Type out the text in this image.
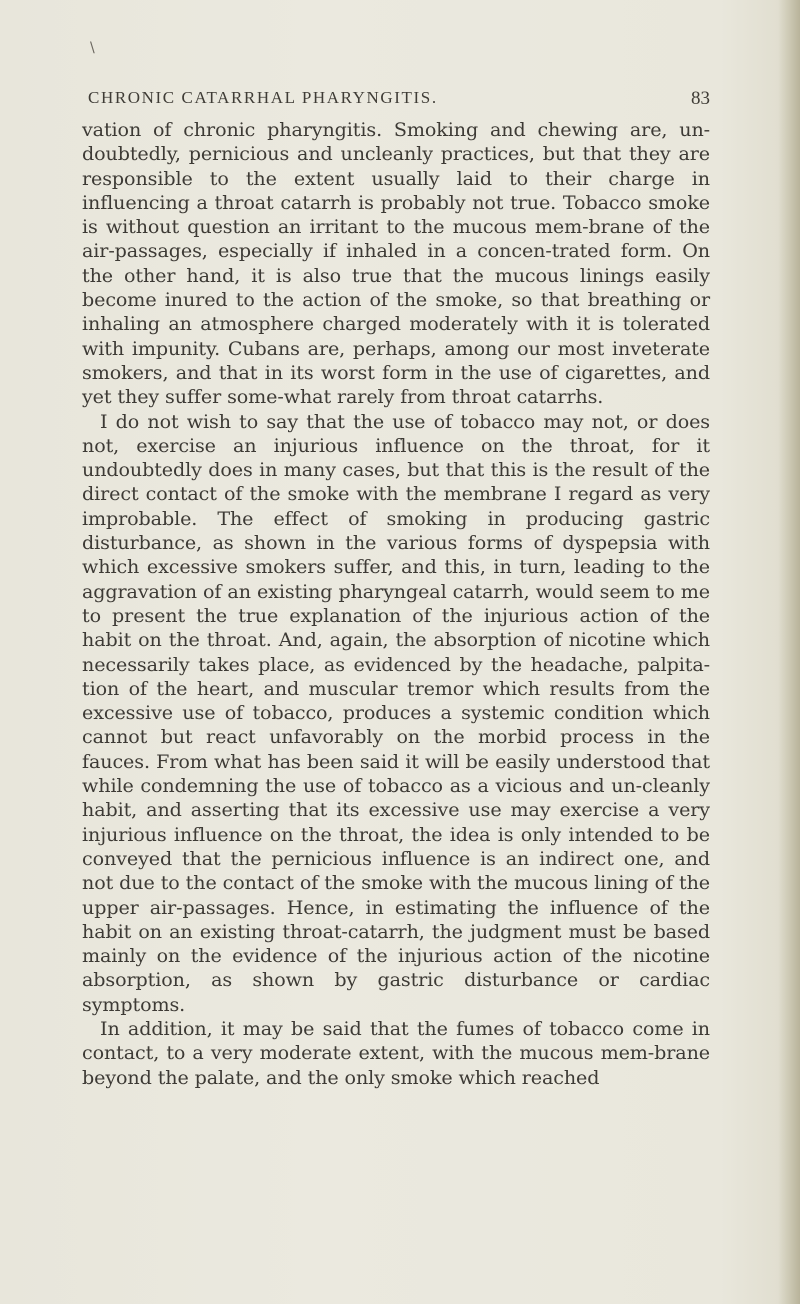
\
CHRONIC CATARRHAL PHARYNGITIS.	83

vation of chronic pharyngitis. Smoking and chewing are, un-doubtedly, pernicious and uncleanly practices, but that they are responsible to the extent usually laid to their charge in influencing a throat catarrh is probably not true. Tobacco smoke is without question an irritant to the mucous mem-brane of the air-passages, especially if inhaled in a concen-trated form. On the other hand, it is also true that the mucous linings easily become inured to the action of the smoke, so that breathing or inhaling an atmosphere charged moderately with it is tolerated with impunity. Cubans are, perhaps, among our most inveterate smokers, and that in its worst form in the use of cigarettes, and yet they suffer some-what rarely from throat catarrhs.

I do not wish to say that the use of tobacco may not, or does not, exercise an injurious influence on the throat, for it undoubtedly does in many cases, but that this is the result of the direct contact of the smoke with the membrane I regard as very improbable. The effect of smoking in producing gastric disturbance, as shown in the various forms of dyspepsia with which excessive smokers suffer, and this, in turn, leading to the aggravation of an existing pharyngeal catarrh, would seem to me to present the true explanation of the injurious action of the habit on the throat. And, again, the absorption of nicotine which necessarily takes place, as evidenced by the headache, palpita-tion of the heart, and muscular tremor which results from the excessive use of tobacco, produces a systemic condition which cannot but react unfavorably on the morbid process in the fauces. From what has been said it will be easily understood that while condemning the use of tobacco as a vicious and un-cleanly habit, and asserting that its excessive use may exercise a very injurious influence on the throat, the idea is only intended to be conveyed that the pernicious influence is an indirect one, and not due to the contact of the smoke with the mucous lining of the upper air-passages. Hence, in estimating the influence of the habit on an existing throat-catarrh, the judgment must be based mainly on the evidence of the injurious action of the nicotine absorption, as shown by gastric disturbance or cardiac symptoms.

In addition, it may be said that the fumes of tobacco come in contact, to a very moderate extent, with the mucous mem-brane beyond the palate, and the only smoke which reached
